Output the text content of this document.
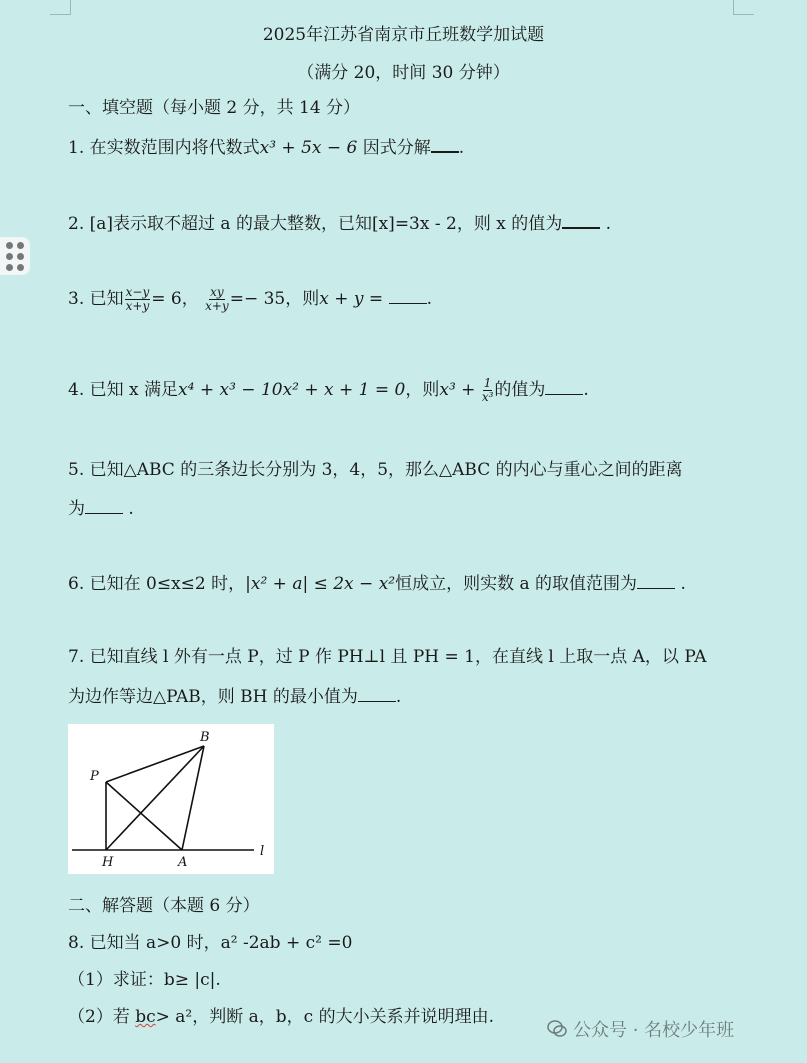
2025年江苏省南京市丘班数学加试题
（满分 20，时间 30 分钟）
一、填空题（每小题 2 分，共 14 分）
1. 在实数范围内将代数式x³ + 5x − 6 因式分解 .
2. [a]表示取不超过 a 的最大整数，已知[x]=3x - 2，则 x 的值为	.
3. 已知 $\frac{x-y}{x+y} = 6$， $\frac{xy}{x+y} =- 35$，则x + y =	.
4. 已知 x 满足x⁴ + x³ − 10x² + x + 1 = 0，则$x^3 + \frac{1}{\text{x³}}$ 的值为 .
5. 已知△ABC 的三条边长分别为 3，4，5，那么△ABC 的内心与重心之间的距离
为	.
6. 已知在 0≤x≤2 时，|x² + a| ≤ 2x − x²恒成立，则实数 a 的取值范围为	.
7. 已知直线 l 外有一点 P，过 P 作 PH⊥l 且 PH = 1，在直线 l 上取一点 A，以 PA
为边作等边△PAB，则 BH 的最小值为 .
B
P
H	A
l
二、解答题（本题 6 分）
8. 已知当 a>0 时，a² -2ab + c² =0
（1）求证：b≥ |c|.
（2）若 bc> a²，判断 a，b，c 的大小关系并说明理由.
公众号 · 名校少年班
